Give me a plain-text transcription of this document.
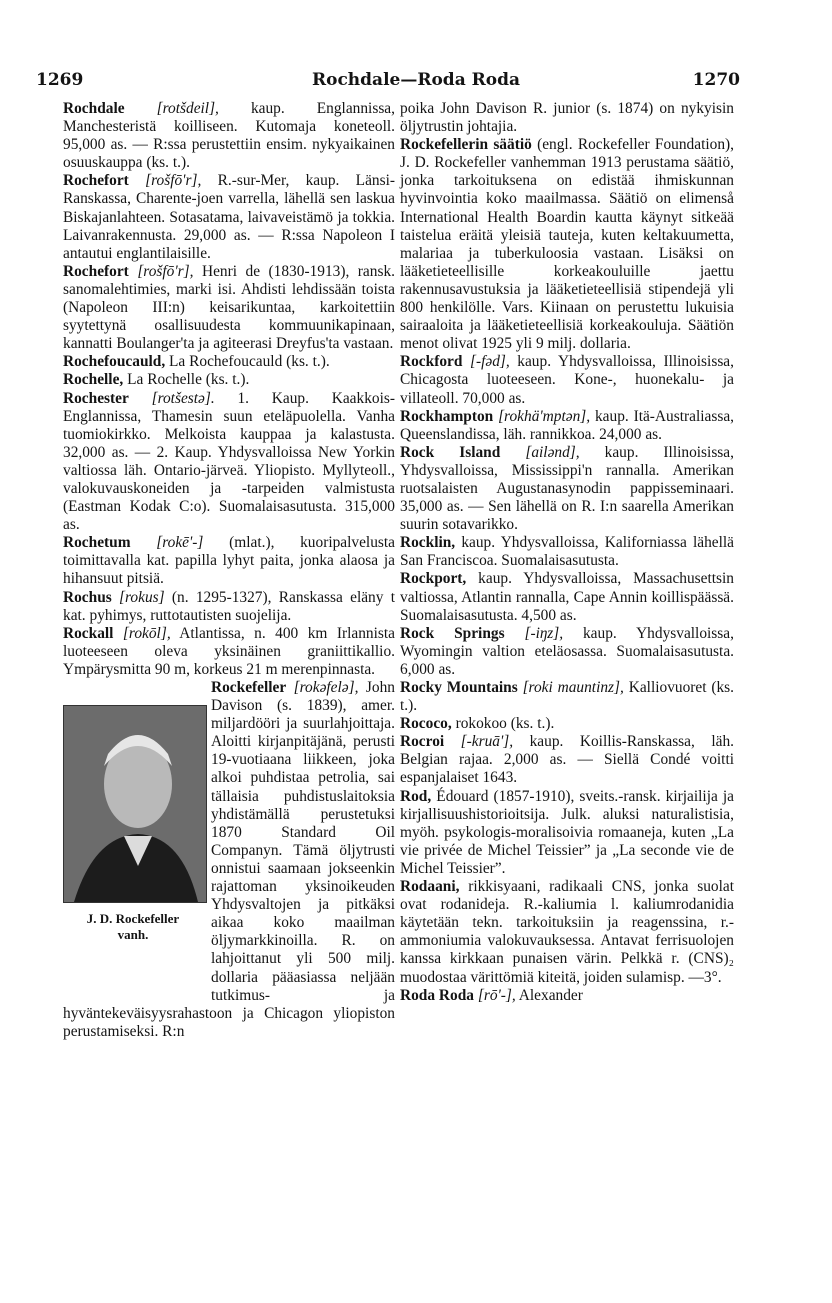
1269	Rochdale—Roda Roda	1270

Rochdale [rotšdeil], kaup. Englannissa, Manchesteristä koilliseen. Kutomaja koneteoll. 95,000 as. — R:ssa perustettiin ensim. nykyaikainen osuuskauppa (ks. t.).

Rochefort [rošfō'r], R.-sur-Mer, kaup. Länsi-Ranskassa, Charente-joen varrella, lähellä sen laskua Biskajanlahteen. Sotasatama, laivaveistämö ja tokkia. Laivanrakennusta. 29,000 as. — R:ssa Napoleon I antautui englantilaisille.

Rochefort [rošfō'r], Henri de (1830-1913), ransk. sanomalehtimies, marki isi. Ahdisti lehdissään toista (Napoleon III:n) keisarikuntaa, karkoitettiin syytettynä osallisuudesta kommuunikapinaan, kannatti Boulanger'ta ja agiteerasi Dreyfus'ta vastaan.

Rochefoucauld, La Rochefoucauld (ks. t.).

Rochelle, La Rochelle (ks. t.).

Rochester [rotšestə]. 1. Kaup. Kaakkois-Englannissa, Thamesin suun eteläpuolella. Vanha tuomiokirkko. Melkoista kauppaa ja kalastusta. 32,000 as. — 2. Kaup. Yhdysvalloissa New Yorkin valtiossa läh. Ontario-järveä. Yliopisto. Myllyteoll., valokuvauskoneiden ja -tarpeiden valmistusta (Eastman Kodak C:o). Suomalaisasutusta. 315,000 as.

Rochetum [rokē'-] (mlat.), kuoripalvelusta toimittavalla kat. papilla lyhyt paita, jonka alaosa ja hihansuut pitsiä.

Rochus [rokus] (n. 1295-1327), Ranskassa eläny t kat. pyhimys, ruttotautisten suojelija.

Rockall [rokōl], Atlantissa, n. 400 km Irlannista luoteeseen oleva yksinäinen graniittikallio. Ympärysmitta 90 m, korkeus 21 m merenpinnasta.

J. D. Rockefeller
vanh.

Rockefeller [rokəfelə], John Davison (s. 1839), amer. miljardööri ja suurlahjoittaja. Aloitti kirjanpitäjänä, perusti 19-vuotiaana liikkeen, joka alkoi puhdistaa petrolia, sai tällaisia puhdistuslaitoksia yhdistämällä perustetuksi 1870 Standard Oil Companyn. Tämä öljytrusti onnistui saamaan jokseenkin rajattoman yksinoikeuden Yhdysvaltojen ja pitkäksi aikaa koko maailman öljymarkkinoilla. R. on lahjoittanut yli 500 milj. dollaria pääasiassa neljään tutkimus- ja hyväntekeväisyysrahastoon ja Chicagon yliopiston perustamiseksi. R:n

poika John Davison R. junior (s. 1874) on nykyisin öljytrustin johtajia.

Rockefellerin säätiö (engl. Rockefeller Foundation), J. D. Rockefeller vanhemman 1913 perustama säätiö, jonka tarkoituksena on edistää ihmiskunnan hyvinvointia koko maailmassa. Säätiö on elimenså International Health Boardin kautta käynyt sitkeää taistelua eräitä yleisiä tauteja, kuten keltakuumetta, malariaa ja tuberkuloosia vastaan. Lisäksi on lääketieteellisille korkeakouluille jaettu rakennusavustuksia ja lääketieteellisiä stipendejä yli 800 henkilölle. Vars. Kiinaan on perustettu lukuisia sairaaloita ja lääketieteellisiä korkeakouluja. Säätiön menot olivat 1925 yli 9 milj. dollaria.

Rockford [-fəd], kaup. Yhdysvalloissa, Illinoisissa, Chicagosta luoteeseen. Kone-, huonekalu- ja villateoll. 70,000 as.

Rockhampton [rokhä'mptən], kaup. Itä-Australiassa, Queenslandissa, läh. rannikkoa. 24,000 as.

Rock Island [ailənd], kaup. Illinoisissa, Yhdysvalloissa, Mississippi'n rannalla. Amerikan ruotsalaisten Augustanasynodin pappisseminaari. 35,000 as. — Sen lähellä on R. I:n saarella Amerikan suurin sotavarikko.

Rocklin, kaup. Yhdysvalloissa, Kaliforniassa lähellä San Franciscoa. Suomalaisasutusta.

Rockport, kaup. Yhdysvalloissa, Massachusettsin valtiossa, Atlantin rannalla, Cape Annin koillispäässä. Suomalaisasutusta. 4,500 as.

Rock Springs [-iŋz], kaup. Yhdysvalloissa, Wyomingin valtion eteläosassa. Suomalaisasutusta. 6,000 as.

Rocky Mountains [roki mauntinz], Kalliovuoret (ks. t.).

Rococo, rokokoo (ks. t.).

Rocroi [-kruā'], kaup. Koillis-Ranskassa, läh. Belgian rajaa. 2,000 as. — Siellä Condé voitti espanjalaiset 1643.

Rod, Édouard (1857-1910), sveits.-ransk. kirjailija ja kirjallisuushistorioitsija. Julk. aluksi naturalistisia, myöh. psykologis-moralisoivia romaaneja, kuten „La vie privée de Michel Teissier” ja „La seconde vie de Michel Teissier”.

Rodaani, rikkisyaani, radikaali CNS, jonka suolat ovat rodanideja. R.-kaliumia l. kaliumrodanidia käytetään tekn. tarkoituksiin ja reagenssina, r.-ammoniumia valokuvauksessa. Antavat ferrisuolojen kanssa kirkkaan punaisen värin. Pelkkä r. (CNS)₂ muodostaa värittömiä kiteitä, joiden sulamisp. —3°.

Roda Roda [rō'-], Alexander
